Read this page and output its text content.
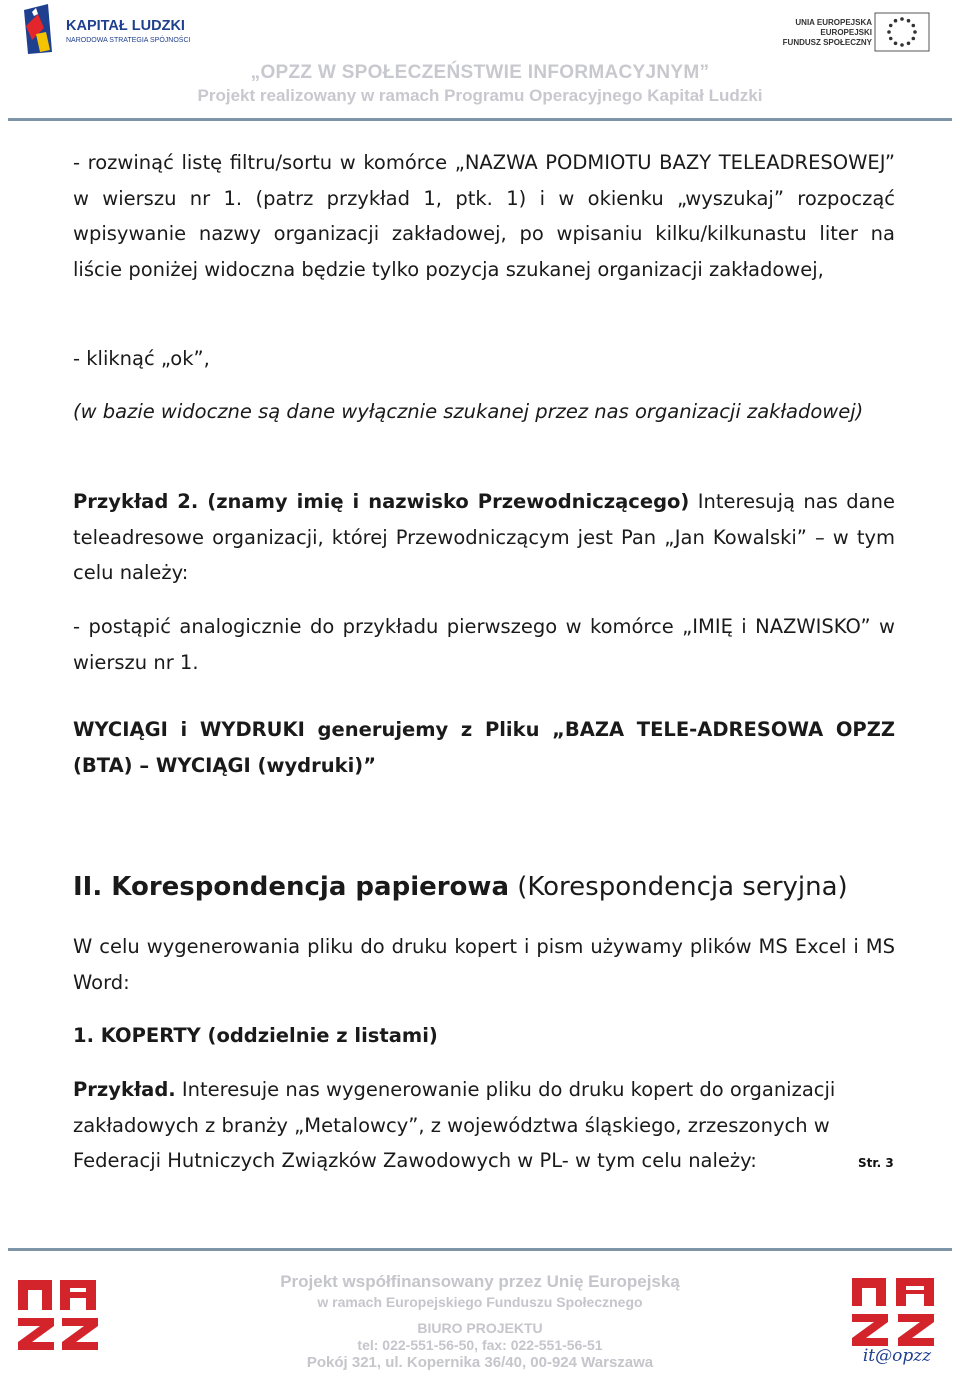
KAPITAŁ LUDZKI
NARODOWA STRATEGIA SPÓJNOŚCI
UNIA EUROPEJSKA
EUROPEJSKI
FUNDUSZ SPOŁECZNY
„OPZZ W SPOŁECZEŃSTWIE INFORMACYJNYM”
Projekt realizowany w ramach Programu Operacyjnego Kapitał Ludzki
- rozwinąć listę filtru/sortu w komórce „NAZWA PODMIOTU BAZY TELEADRESOWEJ” w wierszu nr 1. (patrz przykład 1, ptk. 1) i w okienku „wyszukaj” rozpocząć wpisywanie nazwy organizacji zakładowej, po wpisaniu kilku/kilkunastu liter na liście poniżej widoczna będzie tylko pozycja szukanej organizacji zakładowej,
- kliknąć „ok”,
(w bazie widoczne są dane wyłącznie szukanej przez nas organizacji zakładowej)
Przykład 2. (znamy imię i nazwisko Przewodniczącego) Interesują nas dane teleadresowe organizacji, której Przewodniczącym jest Pan „Jan Kowalski” – w tym celu należy:
- postąpić analogicznie do przykładu pierwszego w komórce „IMIĘ i NAZWISKO” w wierszu nr 1.
WYCIĄGI i WYDRUKI generujemy z Pliku „BAZA TELE-ADRESOWA OPZZ (BTA) – WYCIĄGI (wydruki)”
II. Korespondencja papierowa (Korespondencja seryjna)
W celu wygenerowania pliku do druku kopert i pism używamy plików MS Excel i MS Word:
1. KOPERTY (oddzielnie z listami)
Przykład. Interesuje nas wygenerowanie pliku do druku kopert do organizacji zakładowych z branży „Metalowcy”, z województwa śląskiego, zrzeszonych w Federacji Hutniczych Związków Zawodowych w PL- w tym celu należy:	Str. 3
Projekt współfinansowany przez Unię Europejską
w ramach Europejskiego Funduszu Społecznego
BIURO PROJEKTU
tel: 022-551-56-50, fax: 022-551-56-51
Pokój 321, ul. Kopernika 36/40, 00-924 Warszawa	it@opzz
